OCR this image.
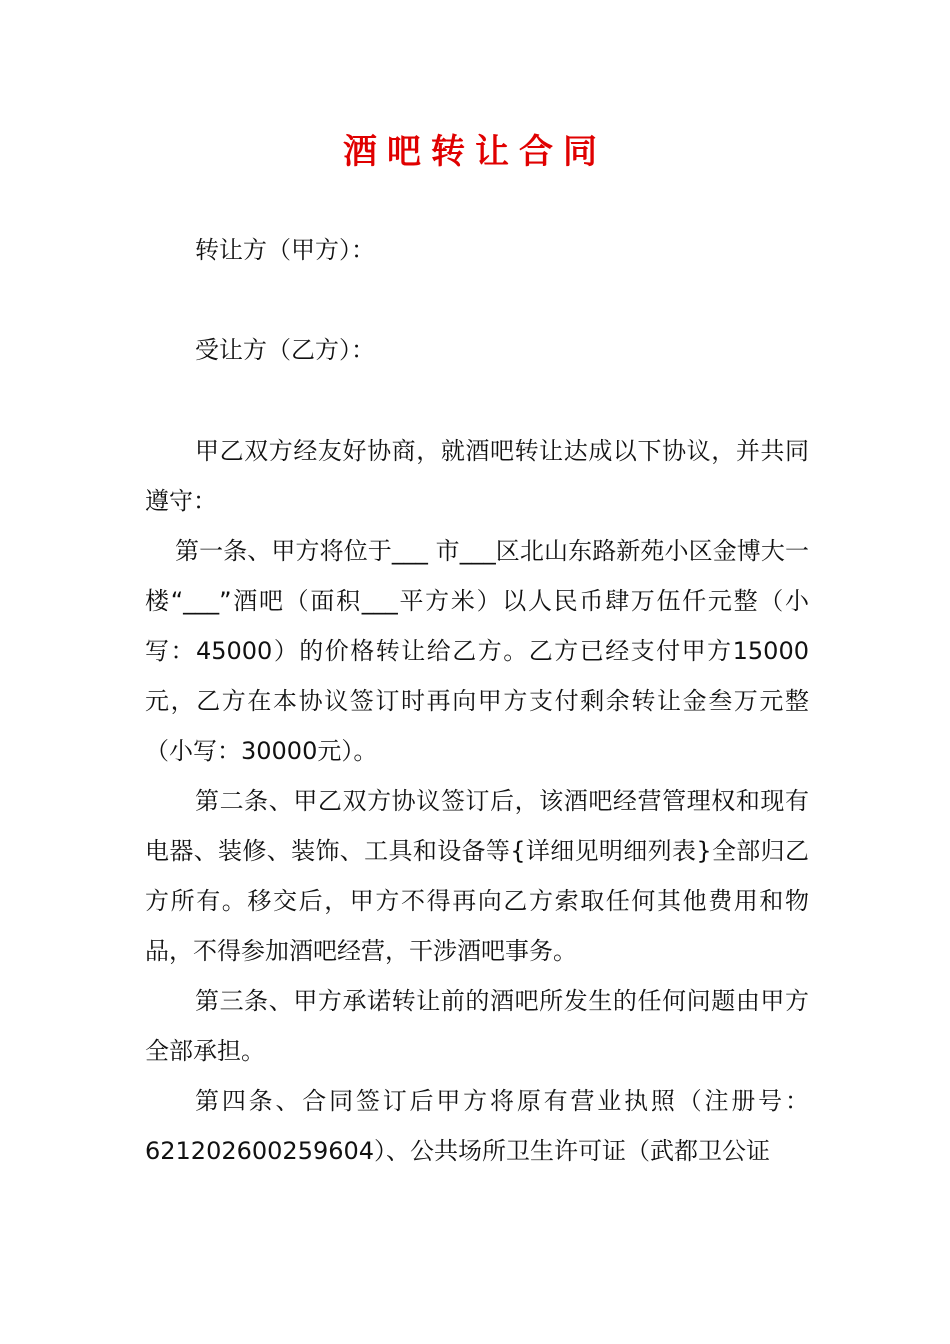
酒吧转让合同
转让方（甲方）：
受让方（乙方）：

甲乙双方经友好协商，就酒吧转让达成以下协议，并共同遵守：

第一条、甲方将位于___ 市___区北山东路新苑小区金博大一楼“___”酒吧（面积___平方米）以人民币肆万伍仟元整（小写：45000）的价格转让给乙方。乙方已经支付甲方15000元，乙方在本协议签订时再向甲方支付剩余转让金叁万元整（小写：30000元）。

第二条、甲乙双方协议签订后，该酒吧经营管理权和现有电器、装修、装饰、工具和设备等{详细见明细列表}全部归乙方所有。移交后，甲方不得再向乙方索取任何其他费用和物品，不得参加酒吧经营，干涉酒吧事务。

第三条、甲方承诺转让前的酒吧所发生的任何问题由甲方全部承担。

第四条、合同签订后甲方将原有营业执照（注册号：621202600259604）、公共场所卫生许可证（武都卫公证
